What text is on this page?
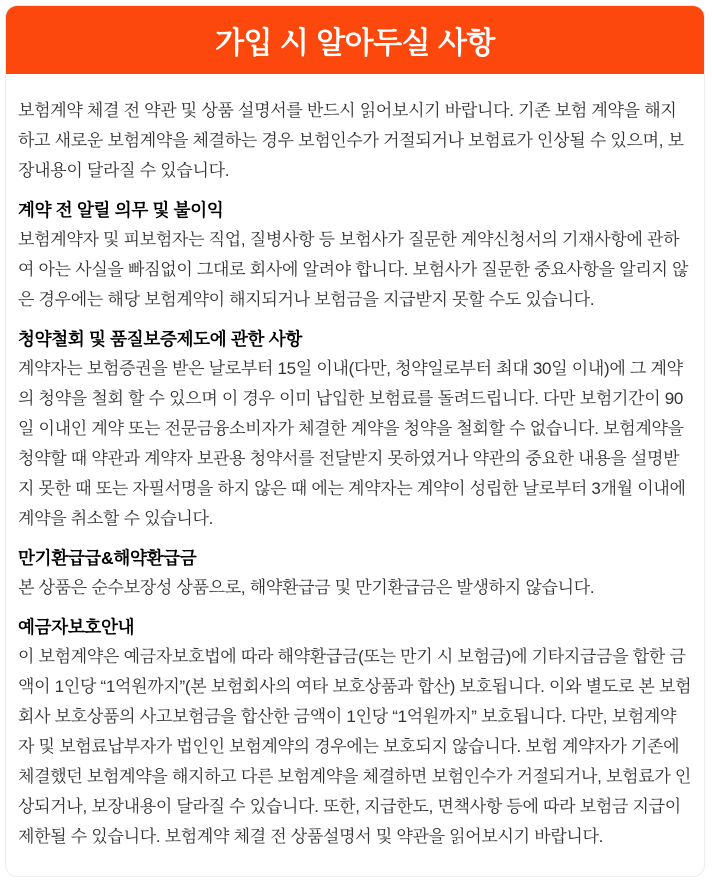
가입 시 알아두실 사항

보험계약 체결 전 약관 및 상품 설명서를 반드시 읽어보시기 바랍니다. 기존 보험 계약을 해지하고 새로운 보험계약을 체결하는 경우 보험인수가 거절되거나 보험료가 인상될 수 있으며, 보장내용이 달라질 수 있습니다.

계약 전 알릴 의무 및 불이익

보험계약자 및 피보험자는 직업, 질병사항 등 보험사가 질문한 계약신청서의 기재사항에 관하여 아는 사실을 빠짐없이 그대로 회사에 알려야 합니다. 보험사가 질문한 중요사항을 알리지 않은 경우에는 해당 보험계약이 해지되거나 보험금을 지급받지 못할 수도 있습니다.

청약철회 및 품질보증제도에 관한 사항

계약자는 보험증권을 받은 날로부터 15일 이내(다만, 청약일로부터 최대 30일 이내)에 그 계약의 청약을 철회 할 수 있으며 이 경우 이미 납입한 보험료를 돌려드립니다. 다만 보험기간이 90일 이내인 계약 또는 전문금융소비자가 체결한 계약을 청약을 철회할 수 없습니다. 보험계약을 청약할 때 약관과 계약자 보관용 청약서를 전달받지 못하였거나 약관의 중요한 내용을 설명받지 못한 때 또는 자필서명을 하지 않은 때 에는 계약자는 계약이 성립한 날로부터 3개월 이내에 계약을 취소할 수 있습니다.

만기환급급&해약환급금

본 상품은 순수보장성 상품으로, 해약환급금 및 만기환급금은 발생하지 않습니다.

예금자보호안내

이 보험계약은 예금자보호법에 따라 해약환급금(또는 만기 시 보험금)에 기타지급금을 합한 금액이 1인당 “1억원까지”(본 보험회사의 여타 보호상품과 합산) 보호됩니다. 이와 별도로 본 보험회사 보호상품의 사고보험금을 합산한 금액이 1인당 “1억원까지” 보호됩니다. 다만, 보험계약자 및 보험료납부자가 법인인 보험계약의 경우에는 보호되지 않습니다. 보험 계약자가 기존에 체결했던 보험계약을 해지하고 다른 보험계약을 체결하면 보험인수가 거절되거나, 보험료가 인상되거나, 보장내용이 달라질 수 있습니다. 또한, 지급한도, 면책사항 등에 따라 보험금 지급이 제한될 수 있습니다. 보험계약 체결 전 상품설명서 및 약관을 읽어보시기 바랍니다.
